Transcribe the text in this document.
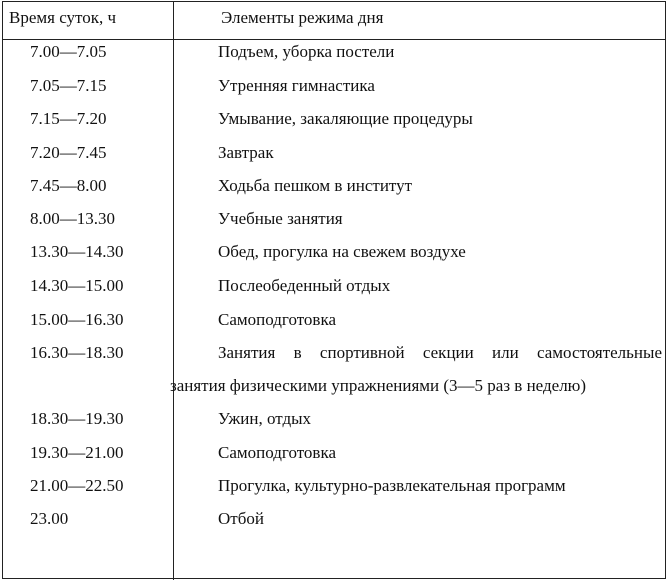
Время суток, ч	Элементы режима дня
7.00—7.05	Подъем, уборка постели
7.05—7.15	Утренняя гимнастика
7.15—7.20	Умывание, закаляющие процедуры
7.20—7.45	Завтрак
7.45—8.00	Ходьба пешком в институт
8.00—13.30	Учебные занятия
13.30—14.30	Обед, прогулка на свежем воздухе
14.30—15.00	Послеобеденный отдых
15.00—16.30	Самоподготовка
16.30—18.30	Занятия в спортивной секции или самостоятельные
занятия физическими упражнениями (3—5 раз в неделю)
18.30—19.30	Ужин, отдых
19.30—21.00	Самоподготовка
21.00—22.50	Прогулка, культурно-развлекательная программ
23.00	Отбой
